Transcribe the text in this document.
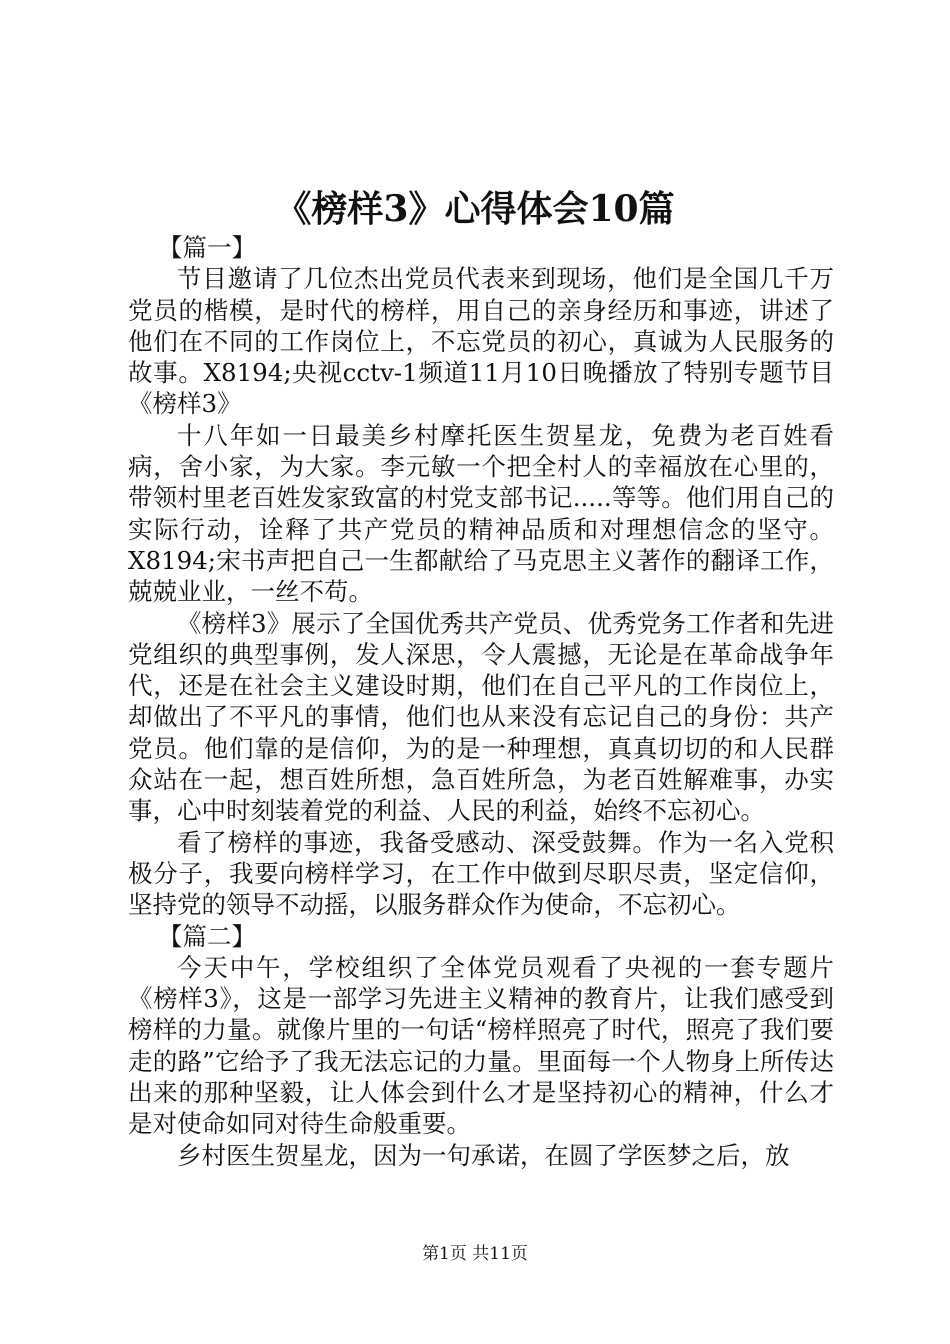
《榜样3》心得体会10篇

【篇一】

节目邀请了几位杰出党员代表来到现场，他们是全国几千万党员的楷模，是时代的榜样，用自己的亲身经历和事迹，讲述了他们在不同的工作岗位上，不忘党员的初心，真诚为人民服务的故事。X8194;央视cctv-1频道11月10日晚播放了特别专题节目《榜样3》

十八年如一日最美乡村摩托医生贺星龙，免费为老百姓看病，舍小家，为大家。李元敏一个把全村人的幸福放在心里的，带领村里老百姓发家致富的村党支部书记.....等等。他们用自己的实际行动，诠释了共产党员的精神品质和对理想信念的坚守。X8194;宋书声把自己一生都献给了马克思主义著作的翻译工作，兢兢业业，一丝不苟。

《榜样3》展示了全国优秀共产党员、优秀党务工作者和先进党组织的典型事例，发人深思，令人震撼，无论是在革命战争年代，还是在社会主义建设时期，他们在自己平凡的工作岗位上，却做出了不平凡的事情，他们也从来没有忘记自己的身份：共产党员。他们靠的是信仰，为的是一种理想，真真切切的和人民群众站在一起，想百姓所想，急百姓所急，为老百姓解难事，办实事，心中时刻装着党的利益、人民的利益，始终不忘初心。

看了榜样的事迹，我备受感动、深受鼓舞。作为一名入党积极分子，我要向榜样学习，在工作中做到尽职尽责，坚定信仰，坚持党的领导不动摇，以服务群众作为使命，不忘初心。

【篇二】

今天中午，学校组织了全体党员观看了央视的一套专题片《榜样3》，这是一部学习先进主义精神的教育片，让我们感受到榜样的力量。就像片里的一句话“榜样照亮了时代，照亮了我们要走的路”它给予了我无法忘记的力量。里面每一个人物身上所传达出来的那种坚毅，让人体会到什么才是坚持初心的精神，什么才是对使命如同对待生命般重要。

乡村医生贺星龙，因为一句承诺，在圆了学医梦之后，放

第1页 共11页
